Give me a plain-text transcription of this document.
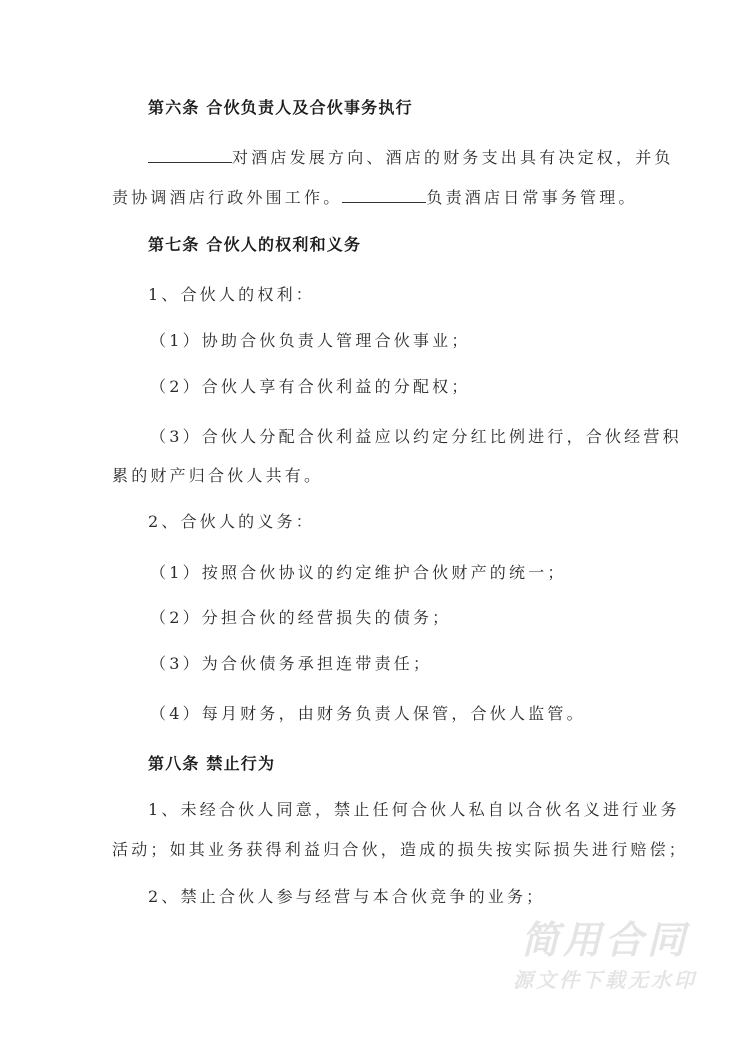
第六条 合伙负责人及合伙事务执行
对酒店发展方向、酒店的财务支出具有决定权，并负
责协调酒店行政外围工作。	负责酒店日常事务管理。
第七条 合伙人的权利和义务
1、合伙人的权利：
（1）协助合伙负责人管理合伙事业；
（2）合伙人享有合伙利益的分配权；
（3）合伙人分配合伙利益应以约定分红比例进行，合伙经营积
累的财产归合伙人共有。
2、合伙人的义务：
（1）按照合伙协议的约定维护合伙财产的统一；
（2）分担合伙的经营损失的债务；
（3）为合伙债务承担连带责任；
（4）每月财务，由财务负责人保管，合伙人监管。
第八条 禁止行为
1、未经合伙人同意，禁止任何合伙人私自以合伙名义进行业务
活动；如其业务获得利益归合伙，造成的损失按实际损失进行赔偿；
2、禁止合伙人参与经营与本合伙竞争的业务；
简用合同
源文件下载无水印
